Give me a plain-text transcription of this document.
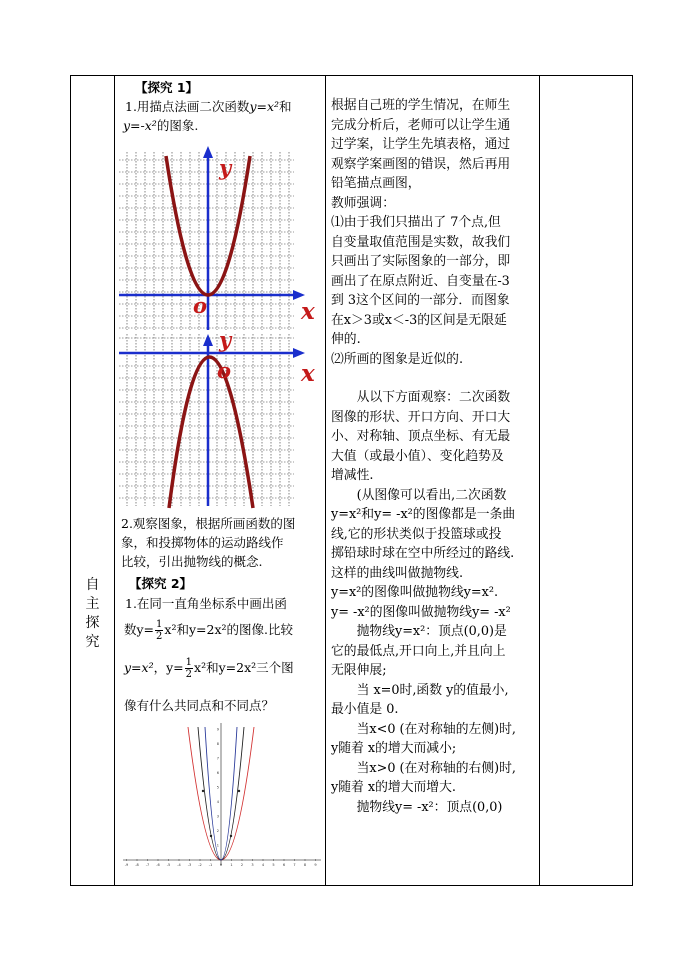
自
主
探
究
【探究 1】
1.用描点法画二次函数y=x²和
y=-x²的图象.
y
o	x
y
o	x
2.观察图象，根据所画函数的图
象，和投掷物体的运动路线作
比较，引出抛物线的概念.
【探究 2】
1.在同一直角坐标系中画出函
数$y= \frac{1}{2} x^2$和y=2x²的图像.比较
y=x²，$y= \frac{1}{2} x^2$和y=2x²三个图
像有什么共同点和不同点？
-9 -8 -7 -6 -5 -4 -3 -2 -1 0 1 2 3 4 5 6 7 8 9
1
2
3
4
5
6
7
8
9

根据自己班的学生情况，在师生

完成分析后，老师可以让学生通

过学案，让学生先填表格，通过

观察学案画图的错误，然后再用

铅笔描点画图，

教师强调：

⑴由于我们只描出了 7个点,但

自变量取值范围是实数，故我们

只画出了实际图象的一部分，即

画出了在原点附近、自变量在-3

到 3这个区间的一部分．而图象

在x＞3或x＜-3的区间是无限延

伸的.

⑵所画的图象是近似的.

　　从以下方面观察：二次函数

图像的形状、开口方向、开口大

小、对称轴、顶点坐标、有无最

大值（或最小值）、变化趋势及

增减性.

　　(从图像可以看出,二次函数

y=x²和y= -x²的图像都是一条曲

线,它的形状类似于投篮球或投

掷铅球时球在空中所经过的路线.

这样的曲线叫做抛物线.

y=x²的图像叫做抛物线y=x².

y= -x²的图像叫做抛物线y= -x²

　　抛物线y=x²：顶点(0,0)是

它的最低点,开口向上,并且向上

无限伸展;

　　当 x=0时,函数 y的值最小,

最小值是 0.

　　当x<0 (在对称轴的左侧)时,

y随着 x的增大而减小;

　　当x>0 (在对称轴的右侧)时,

y随着 x的增大而增大.

　　抛物线y= -x²：顶点(0,0)
